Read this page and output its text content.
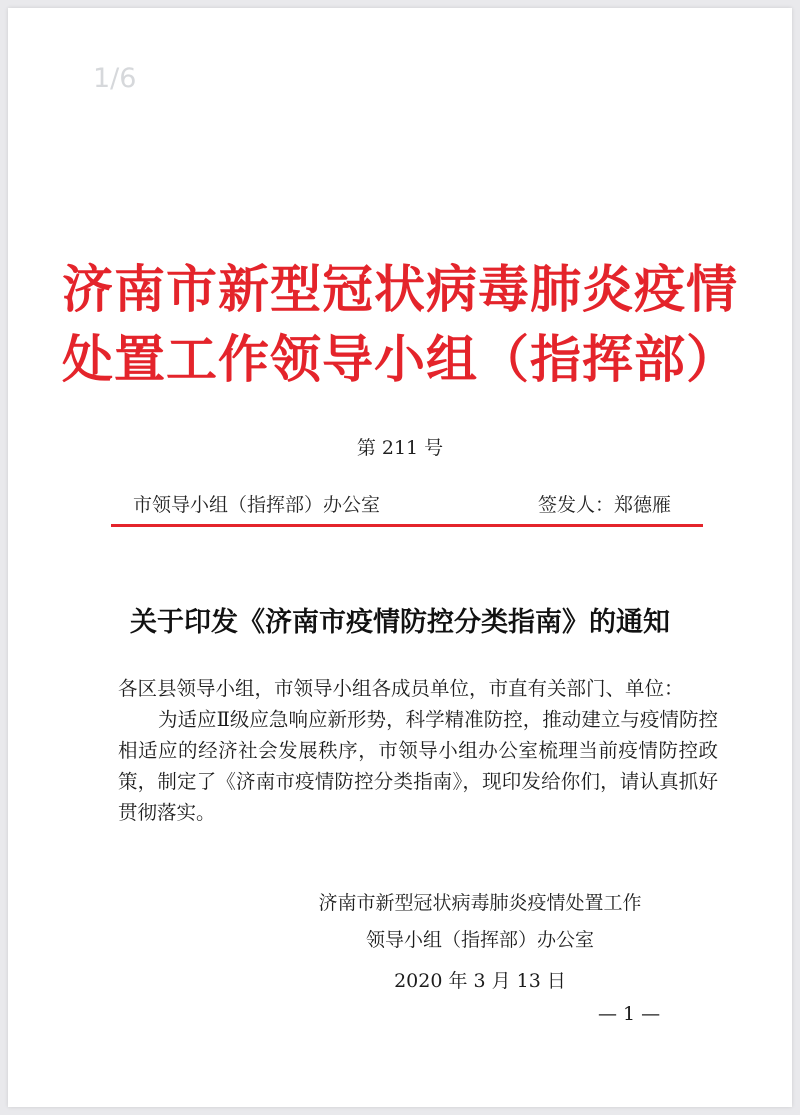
1/6
济南市新型冠状病毒肺炎疫情
处置工作领导小组（指挥部）
第 211 号
市领导小组（指挥部）办公室	签发人：郑德雁
关于印发《济南市疫情防控分类指南》的通知

各区县领导小组，市领导小组各成员单位，市直有关部门、单位：

为适应Ⅱ级应急响应新形势，科学精准防控，推动建立与疫情防控相适应的经济社会发展秩序，市领导小组办公室梳理当前疫情防控政策，制定了《济南市疫情防控分类指南》，现印发给你们，请认真抓好贯彻落实。

济南市新型冠状病毒肺炎疫情处置工作
领导小组（指挥部）办公室
2020 年 3 月 13 日
— 1 —
